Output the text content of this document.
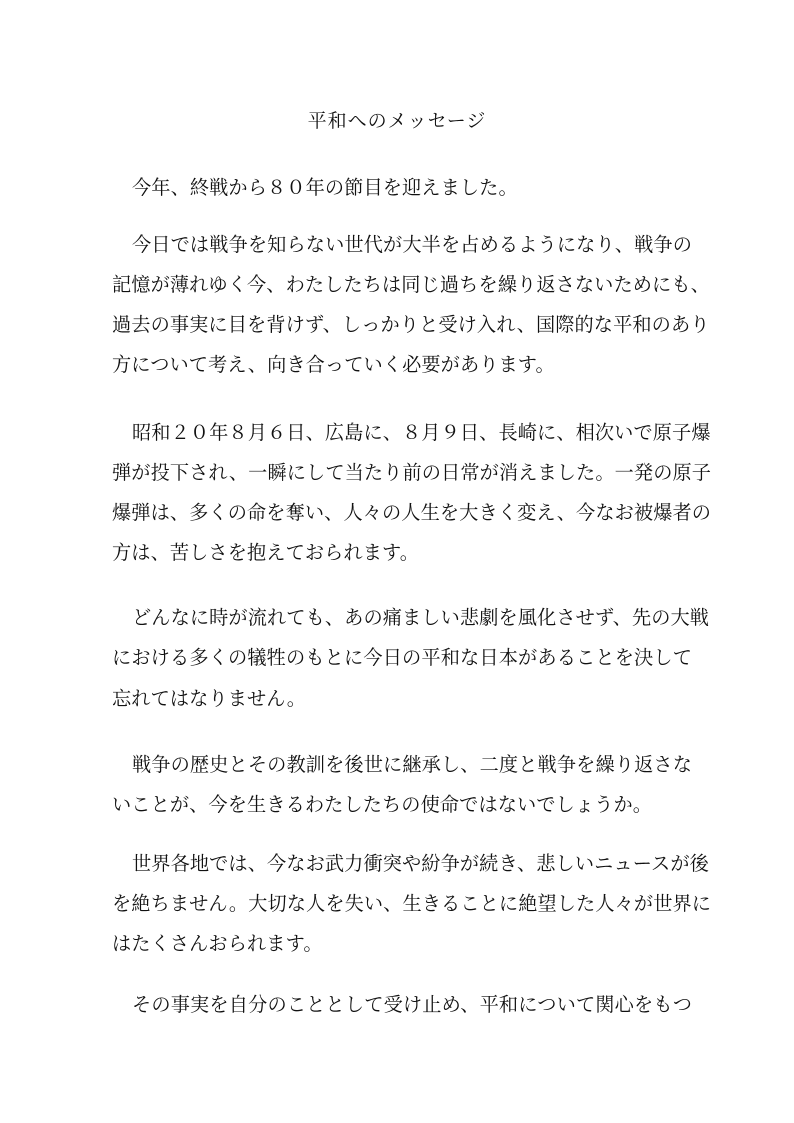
平和へのメッセージ
今年、終戦から８０年の節目を迎えました。
今日では戦争を知らない世代が大半を占めるようになり、戦争の
記憶が薄れゆく今、わたしたちは同じ過ちを繰り返さないためにも、
過去の事実に目を背けず、しっかりと受け入れ、国際的な平和のあり
方について考え、向き合っていく必要があります。
昭和２０年８月６日、広島に、８月９日、長崎に、相次いで原子爆
弾が投下され、一瞬にして当たり前の日常が消えました。一発の原子
爆弾は、多くの命を奪い、人々の人生を大きく変え、今なお被爆者の
方は、苦しさを抱えておられます。
どんなに時が流れても、あの痛ましい悲劇を風化させず、先の大戦
における多くの犠牲のもとに今日の平和な日本があることを決して
忘れてはなりません。
戦争の歴史とその教訓を後世に継承し、二度と戦争を繰り返さな
いことが、今を生きるわたしたちの使命ではないでしょうか。
世界各地では、今なお武力衝突や紛争が続き、悲しいニュースが後
を絶ちません。大切な人を失い、生きることに絶望した人々が世界に
はたくさんおられます。
その事実を自分のこととして受け止め、平和について関心をもつ
